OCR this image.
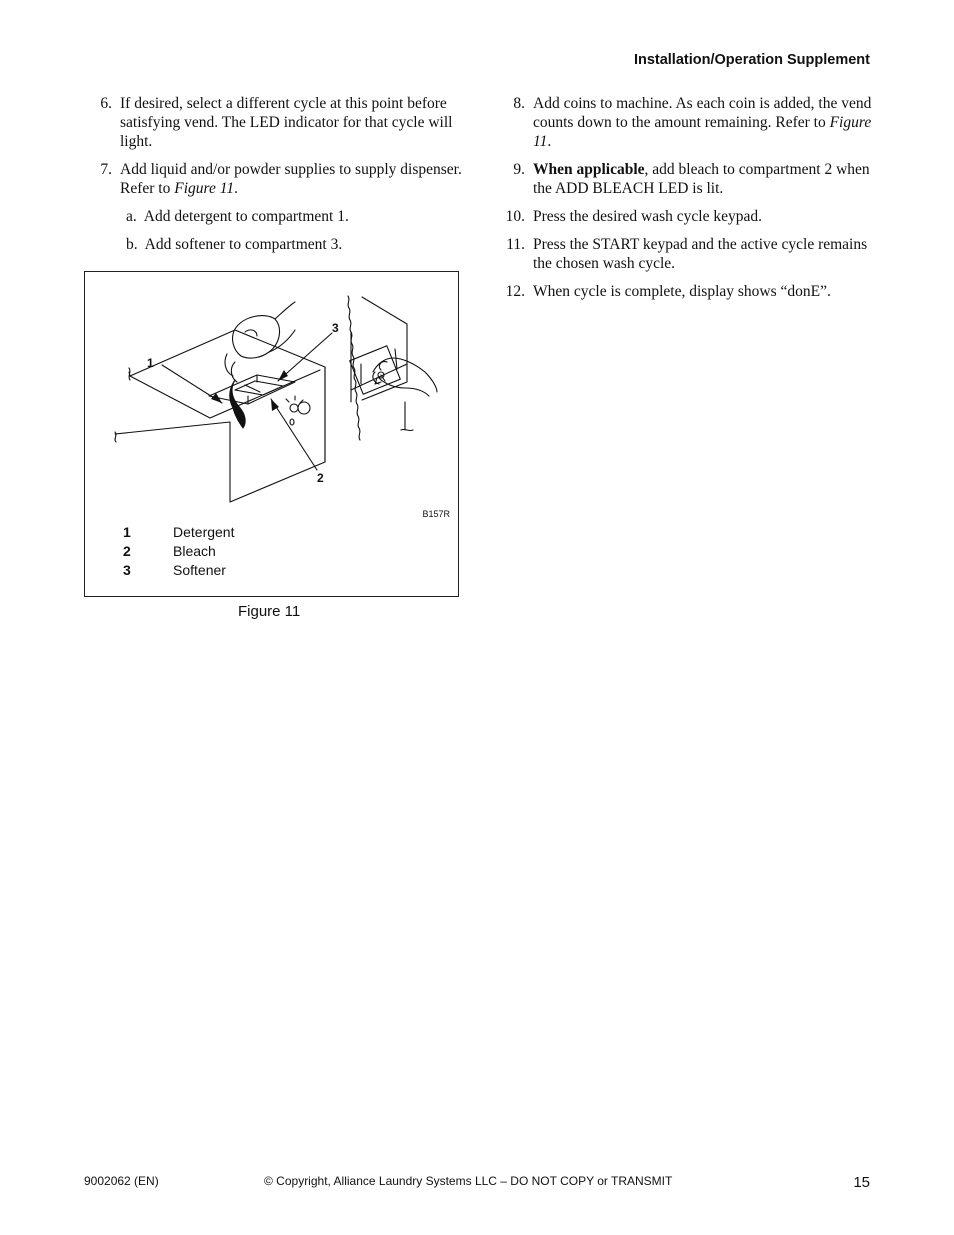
Installation/Operation Supplement
6. If desired, select a different cycle at this point before satisfying vend. The LED indicator for that cycle will light.
7. Add liquid and/or powder supplies to supply dispenser. Refer to Figure 11.
a. Add detergent to compartment 1.
b. Add softener to compartment 3.
1
2
3
B157R
1	Detergent
2	Bleach
3	Softener
Figure 11
8. Add coins to machine. As each coin is added, the vend counts down to the amount remaining. Refer to Figure 11.
9. When applicable, add bleach to compartment 2 when the ADD BLEACH LED is lit.
10. Press the desired wash cycle keypad.
11. Press the START keypad and the active cycle remains the chosen wash cycle.
12. When cycle is complete, display shows “donE”.
9002062 (EN)	© Copyright, Alliance Laundry Systems LLC – DO NOT COPY or TRANSMIT	15
